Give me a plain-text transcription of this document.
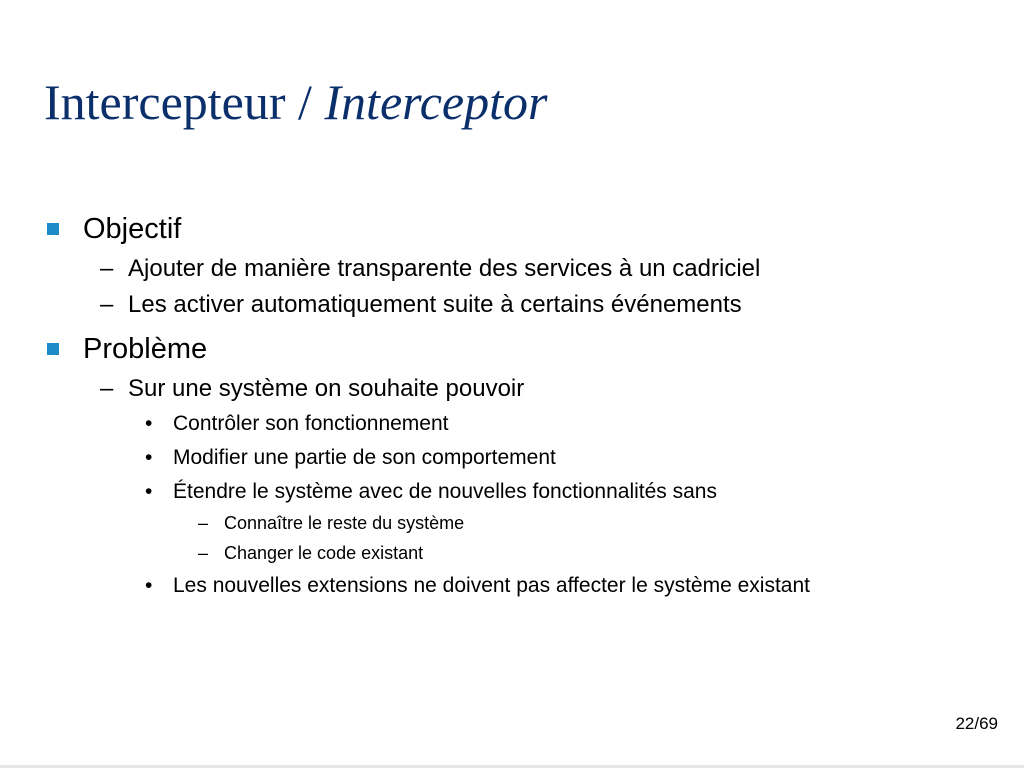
Intercepteur / Interceptor
Objectif
– Ajouter de manière transparente des services à un cadriciel
– Les activer automatiquement suite à certains événements
Problème
– Sur une système on souhaite pouvoir
• Contrôler son fonctionnement
• Modifier une partie de son comportement
• Étendre le système avec de nouvelles fonctionnalités sans
– Connaître le reste du système
– Changer le code existant
• Les nouvelles extensions ne doivent pas affecter le système existant
22/69
